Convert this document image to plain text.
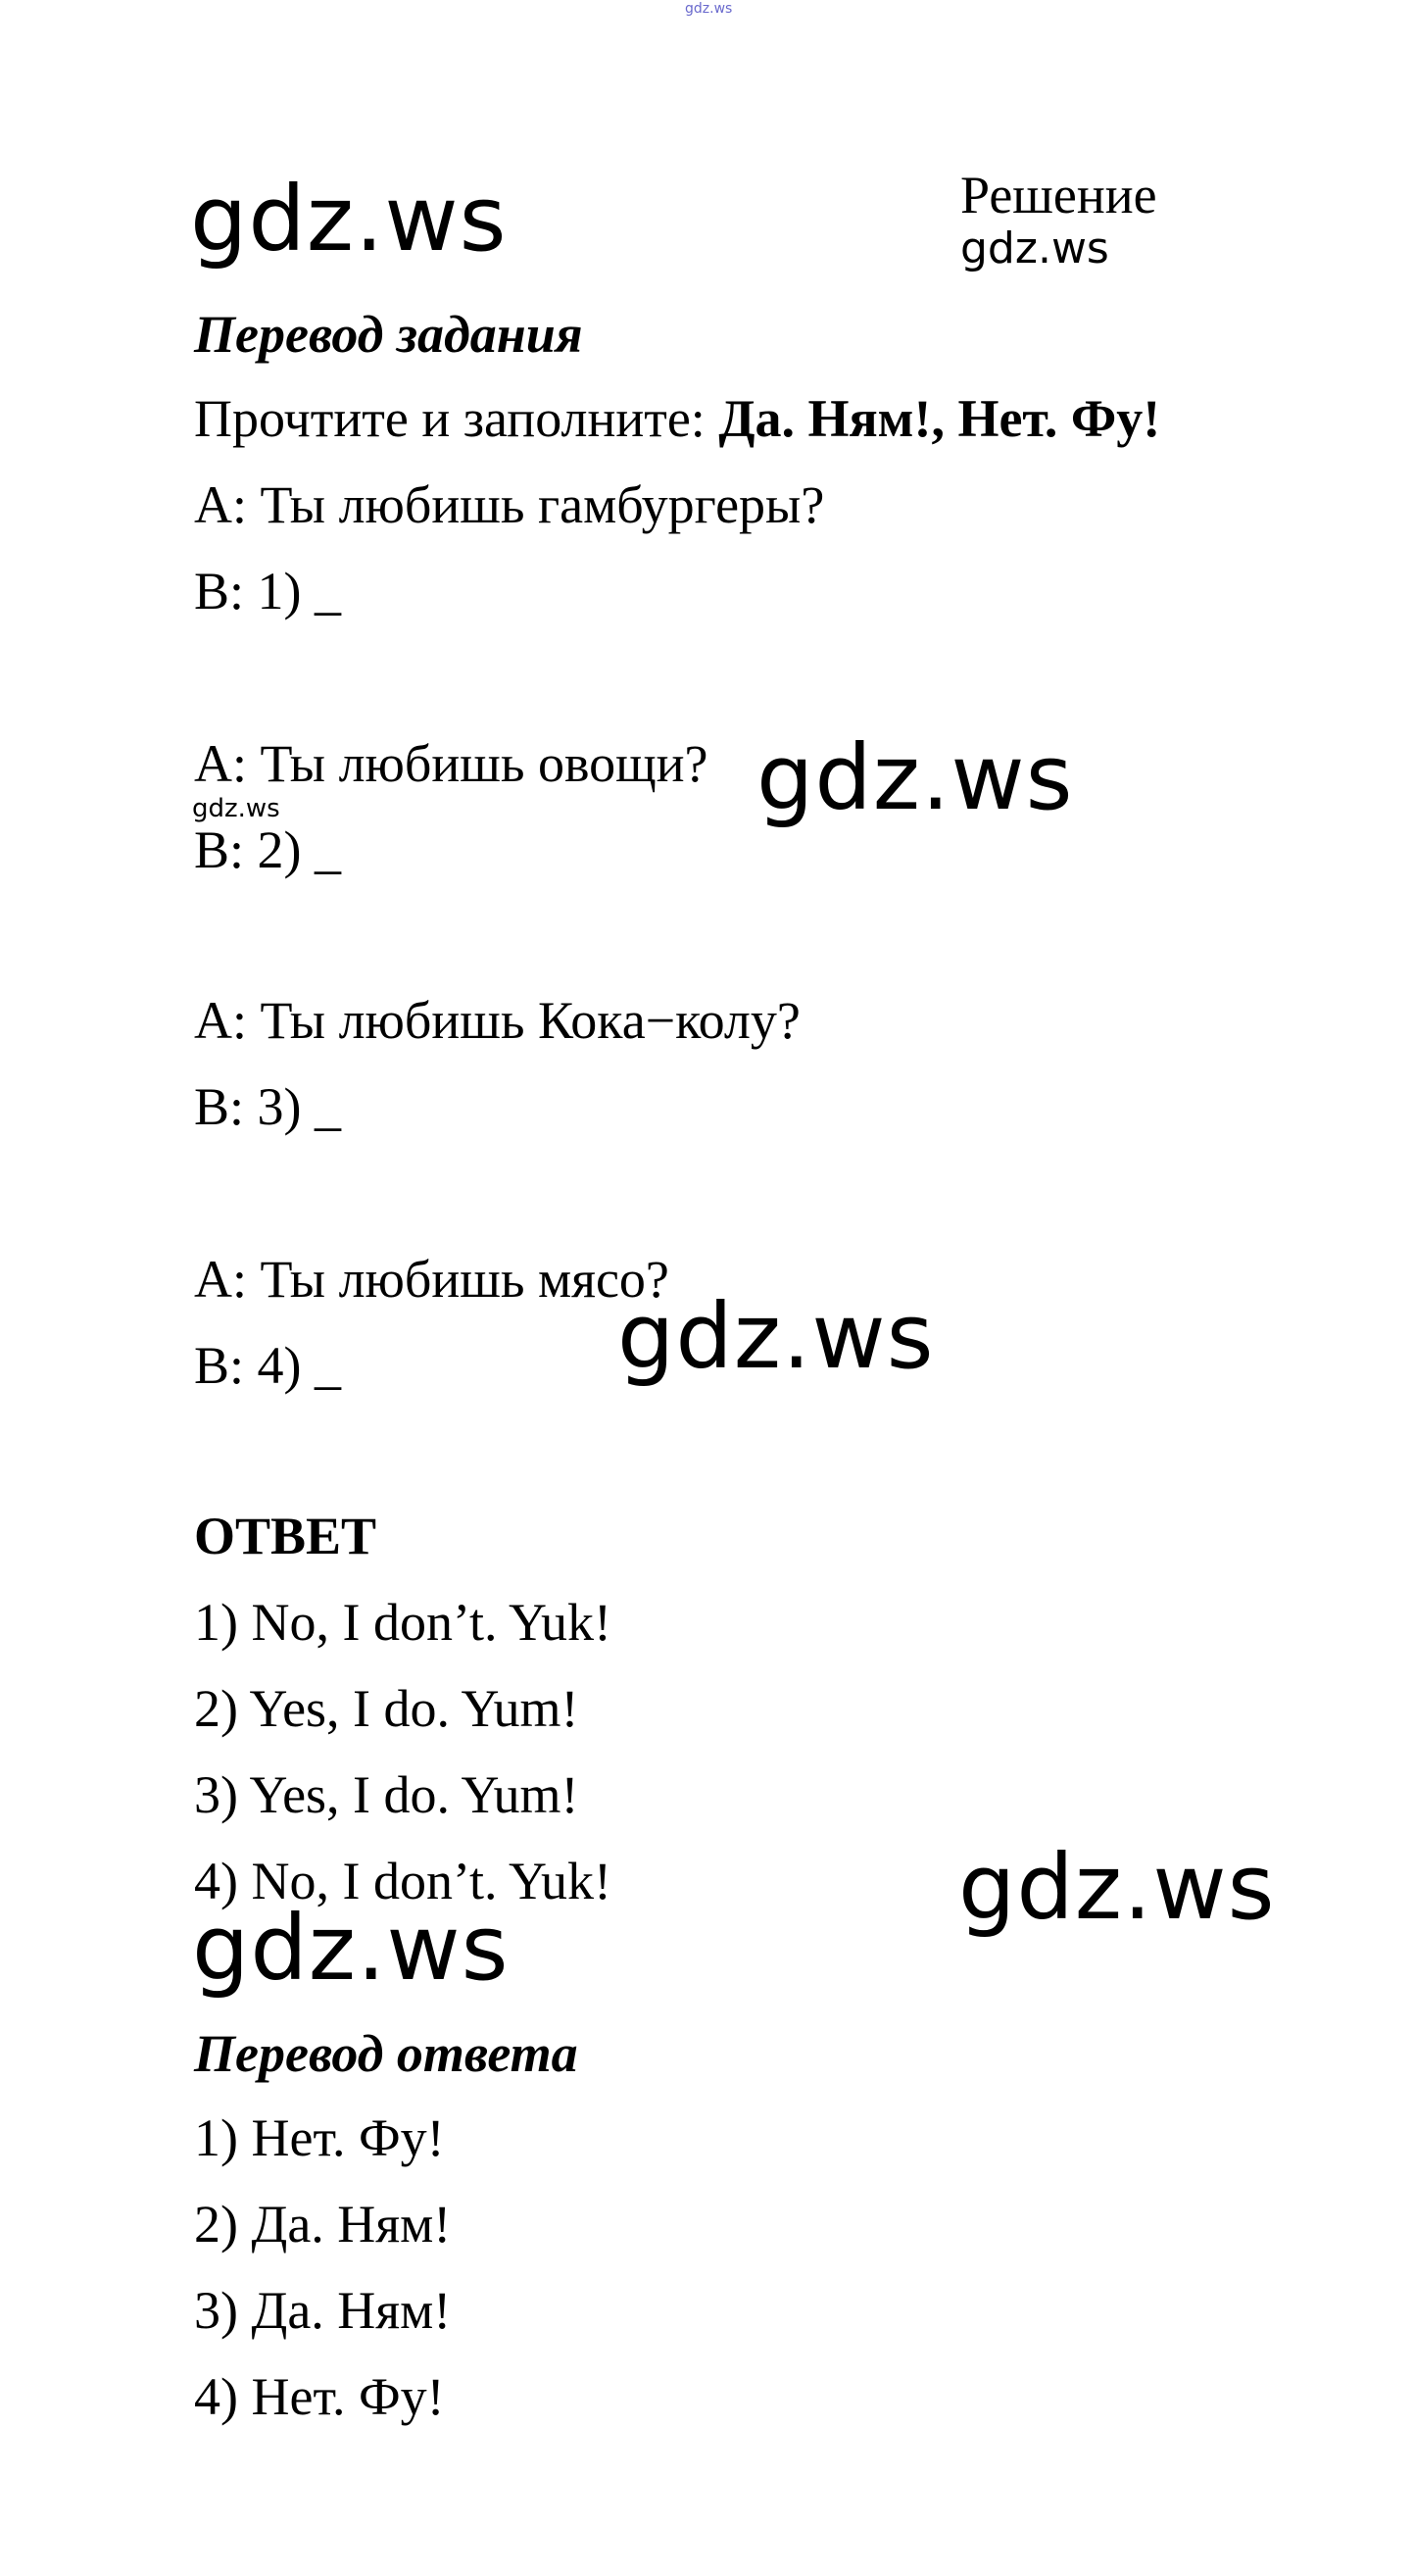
gdz.ws
gdz.ws	Решение
gdz.ws
Перевод задания
Прочтите и заполните: Да. Ням!, Нет. Фу!
A: Ты любишь гамбургеры?
B: 1) _
A: Ты любишь овощи? gdz.ws
gdz.ws
B: 2) _
A: Ты любишь Кока−колу?
B: 3) _
A: Ты любишь мясо?
gdz.ws
B: 4) _
ОТВЕТ
1) No, I don’t. Yuk!
2) Yes, I do. Yum!
3) Yes, I do. Yum!
4) No, I don’t. Yuk!	gdz.ws
gdz.ws
Перевод ответа
1) Нет. Фу!
2) Да. Ням!
3) Да. Ням!
4) Нет. Фу!
